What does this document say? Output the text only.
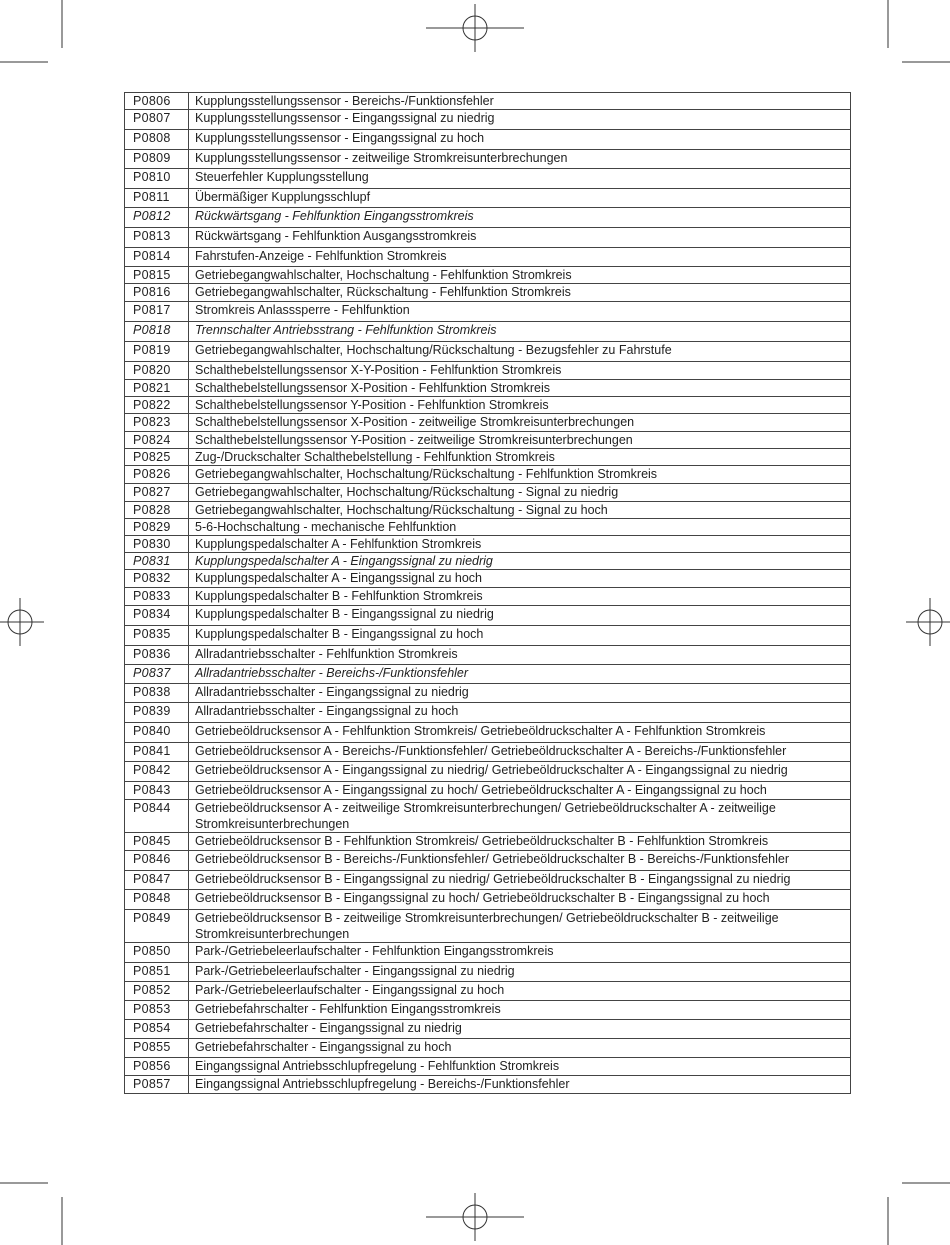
P0806	Kupplungsstellungssensor - Bereichs-/Funktionsfehler
P0807	Kupplungsstellungssensor - Eingangssignal zu niedrig
P0808	Kupplungsstellungssensor - Eingangssignal zu hoch
P0809	Kupplungsstellungssensor - zeitweilige Stromkreisunterbrechungen
P0810	Steuerfehler Kupplungsstellung
P0811	Übermäßiger Kupplungsschlupf
P0812	Rückwärtsgang - Fehlfunktion Eingangsstromkreis
P0813	Rückwärtsgang - Fehlfunktion Ausgangsstromkreis
P0814	Fahrstufen-Anzeige - Fehlfunktion Stromkreis
P0815	Getriebegangwahlschalter, Hochschaltung - Fehlfunktion Stromkreis
P0816	Getriebegangwahlschalter, Rückschaltung - Fehlfunktion Stromkreis
P0817	Stromkreis Anlasssperre - Fehlfunktion
P0818	Trennschalter Antriebsstrang - Fehlfunktion Stromkreis
P0819	Getriebegangwahlschalter, Hochschaltung/Rückschaltung - Bezugsfehler zu Fahrstufe
P0820	Schalthebelstellungssensor X-Y-Position - Fehlfunktion Stromkreis
P0821	Schalthebelstellungssensor X-Position - Fehlfunktion Stromkreis
P0822	Schalthebelstellungssensor Y-Position - Fehlfunktion Stromkreis
P0823	Schalthebelstellungssensor X-Position - zeitweilige Stromkreisunterbrechungen
P0824	Schalthebelstellungssensor Y-Position - zeitweilige Stromkreisunterbrechungen
P0825	Zug-/Druckschalter Schalthebelstellung - Fehlfunktion Stromkreis
P0826	Getriebegangwahlschalter, Hochschaltung/Rückschaltung - Fehlfunktion Stromkreis
P0827	Getriebegangwahlschalter, Hochschaltung/Rückschaltung - Signal zu niedrig
P0828	Getriebegangwahlschalter, Hochschaltung/Rückschaltung - Signal zu hoch
P0829	5-6-Hochschaltung - mechanische Fehlfunktion
P0830	Kupplungspedalschalter A - Fehlfunktion Stromkreis
P0831	Kupplungspedalschalter A - Eingangssignal zu niedrig
P0832	Kupplungspedalschalter A - Eingangssignal zu hoch
P0833	Kupplungspedalschalter B - Fehlfunktion Stromkreis
P0834	Kupplungspedalschalter B - Eingangssignal zu niedrig
P0835	Kupplungspedalschalter B - Eingangssignal zu hoch
P0836	Allradantriebsschalter - Fehlfunktion Stromkreis
P0837	Allradantriebsschalter - Bereichs-/Funktionsfehler
P0838	Allradantriebsschalter - Eingangssignal zu niedrig
P0839	Allradantriebsschalter - Eingangssignal zu hoch
P0840	Getriebeöldrucksensor A - Fehlfunktion Stromkreis/ Getriebeöldruckschalter A - Fehlfunktion Stromkreis
P0841	Getriebeöldrucksensor A - Bereichs-/Funktionsfehler/ Getriebeöldruckschalter A - Bereichs-/Funktionsfehler
P0842	Getriebeöldrucksensor A - Eingangssignal zu niedrig/ Getriebeöldruckschalter A - Eingangssignal zu niedrig
P0843	Getriebeöldrucksensor A - Eingangssignal zu hoch/ Getriebeöldruckschalter A - Eingangssignal zu hoch
P0844	Getriebeöldrucksensor A - zeitweilige Stromkreisunterbrechungen/ Getriebeöldruckschalter A - zeitweilige Stromkreisunterbrechungen
P0845	Getriebeöldrucksensor B - Fehlfunktion Stromkreis/ Getriebeöldruckschalter B - Fehlfunktion Stromkreis
P0846	Getriebeöldrucksensor B - Bereichs-/Funktionsfehler/ Getriebeöldruckschalter B - Bereichs-/Funktionsfehler
P0847	Getriebeöldrucksensor B - Eingangssignal zu niedrig/ Getriebeöldruckschalter B - Eingangssignal zu niedrig
P0848	Getriebeöldrucksensor B - Eingangssignal zu hoch/ Getriebeöldruckschalter B - Eingangssignal zu hoch
P0849	Getriebeöldrucksensor B - zeitweilige Stromkreisunterbrechungen/ Getriebeöldruckschalter B - zeitweilige Stromkreisunterbrechungen
P0850	Park-/Getriebeleerlaufschalter - Fehlfunktion Eingangsstromkreis
P0851	Park-/Getriebeleerlaufschalter - Eingangssignal zu niedrig
P0852	Park-/Getriebeleerlaufschalter - Eingangssignal zu hoch
P0853	Getriebefahrschalter - Fehlfunktion Eingangsstromkreis
P0854	Getriebefahrschalter - Eingangssignal zu niedrig
P0855	Getriebefahrschalter - Eingangssignal zu hoch
P0856	Eingangssignal Antriebsschlupfregelung - Fehlfunktion Stromkreis
P0857	Eingangssignal Antriebsschlupfregelung - Bereichs-/Funktionsfehler
